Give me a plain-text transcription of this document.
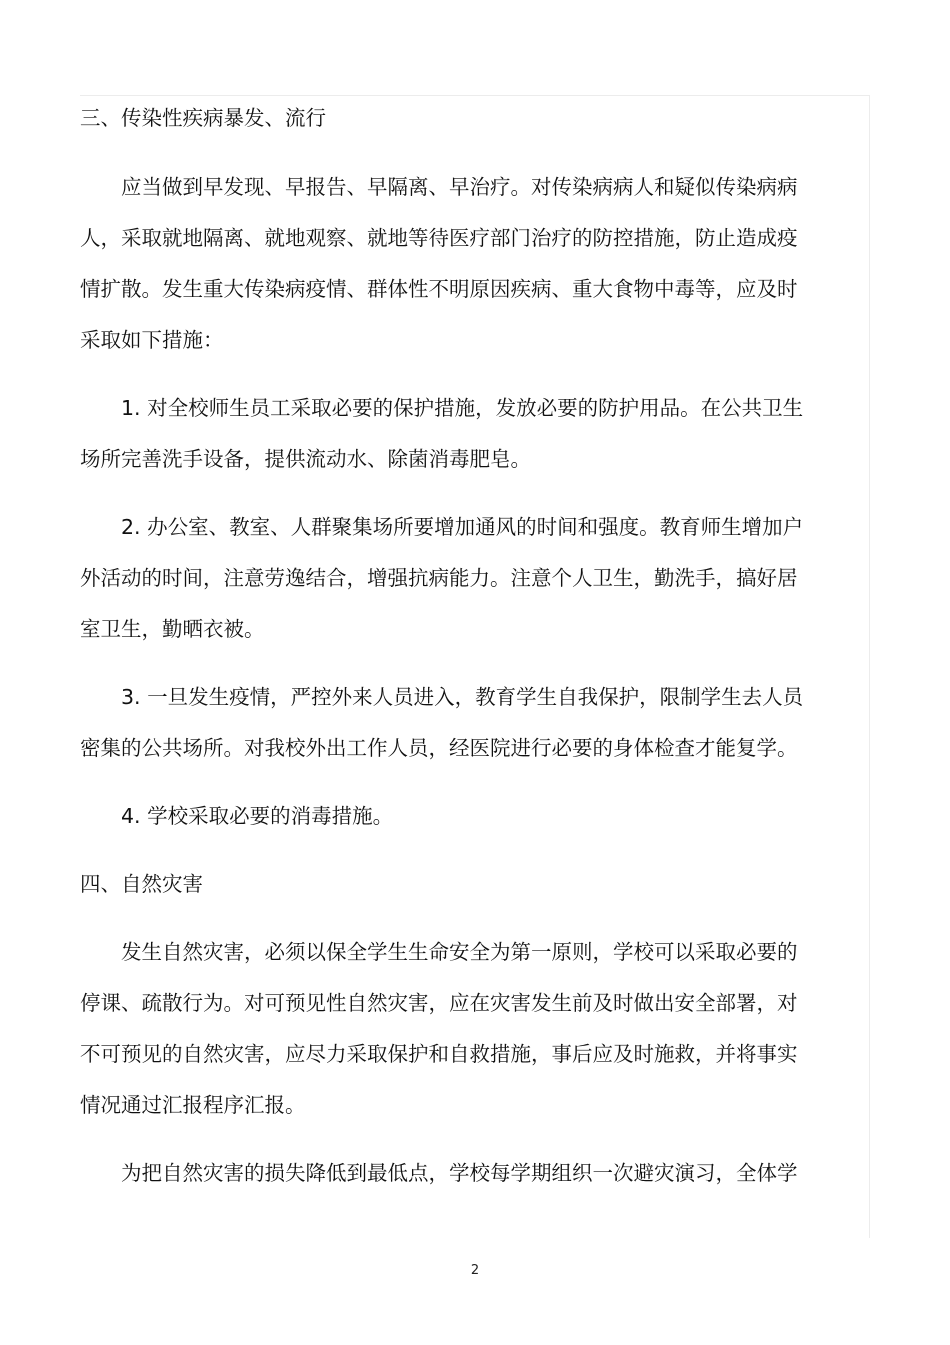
三、传染性疾病暴发、流行
应当做到早发现、早报告、早隔离、早治疗。对传染病病人和疑似传染病病
人，采取就地隔离、就地观察、就地等待医疗部门治疗的防控措施，防止造成疫
情扩散。发生重大传染病疫情、群体性不明原因疾病、重大食物中毒等，应及时
采取如下措施：
1. 对全校师生员工采取必要的保护措施，发放必要的防护用品。在公共卫生
场所完善洗手设备，提供流动水、除菌消毒肥皂。
2. 办公室、教室、人群聚集场所要增加通风的时间和强度。教育师生增加户
外活动的时间，注意劳逸结合，增强抗病能力。注意个人卫生，勤洗手，搞好居
室卫生，勤晒衣被。
3. 一旦发生疫情，严控外来人员进入，教育学生自我保护，限制学生去人员
密集的公共场所。对我校外出工作人员，经医院进行必要的身体检查才能复学。
4. 学校采取必要的消毒措施。
四、自然灾害
发生自然灾害，必须以保全学生生命安全为第一原则，学校可以采取必要的
停课、疏散行为。对可预见性自然灾害，应在灾害发生前及时做出安全部署，对
不可预见的自然灾害，应尽力采取保护和自救措施，事后应及时施救，并将事实
情况通过汇报程序汇报。
为把自然灾害的损失降低到最低点，学校每学期组织一次避灾演习，全体学
2
